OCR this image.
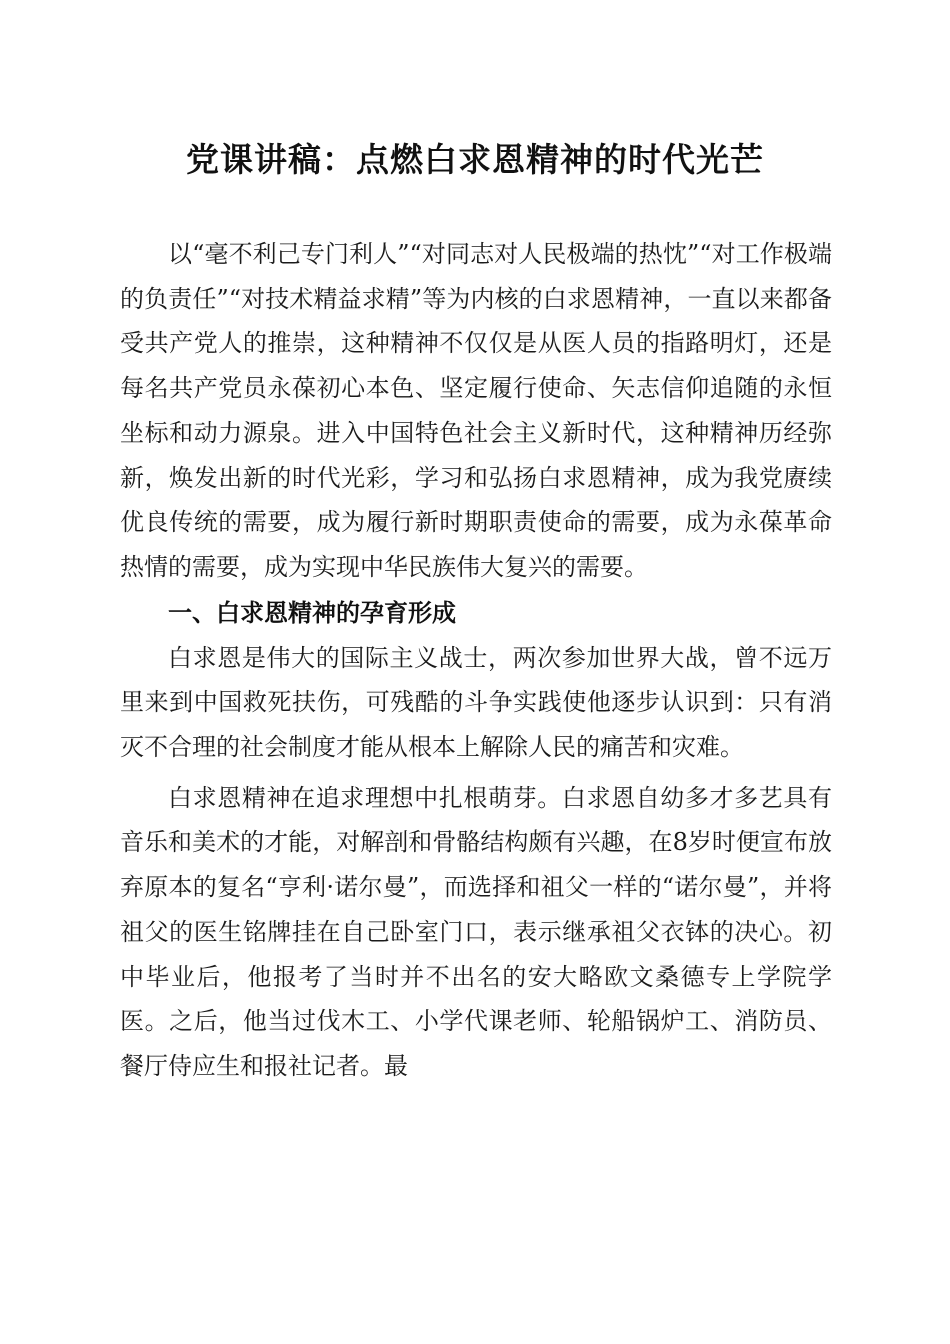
党课讲稿：点燃白求恩精神的时代光芒

以“毫不利己专门利人”“对同志对人民极端的热忱”“对工作极端的负责任”“对技术精益求精”等为内核的白求恩精神，一直以来都备受共产党人的推崇，这种精神不仅仅是从医人员的指路明灯，还是每名共产党员永葆初心本色、坚定履行使命、矢志信仰追随的永恒坐标和动力源泉。进入中国特色社会主义新时代，这种精神历经弥新，焕发出新的时代光彩，学习和弘扬白求恩精神，成为我党赓续优良传统的需要，成为履行新时期职责使命的需要，成为永葆革命热情的需要，成为实现中华民族伟大复兴的需要。

一、白求恩精神的孕育形成

白求恩是伟大的国际主义战士，两次参加世界大战，曾不远万里来到中国救死扶伤，可残酷的斗争实践使他逐步认识到：只有消灭不合理的社会制度才能从根本上解除人民的痛苦和灾难。

白求恩精神在追求理想中扎根萌芽。白求恩自幼多才多艺具有音乐和美术的才能，对解剖和骨骼结构颇有兴趣，在8岁时便宣布放弃原本的复名“亨利·诺尔曼”，而选择和祖父一样的“诺尔曼”，并将祖父的医生铭牌挂在自己卧室门口，表示继承祖父衣钵的决心。初中毕业后，他报考了当时并不出名的安大略欧文桑德专上学院学医。之后，他当过伐木工、小学代课老师、轮船锅炉工、消防员、餐厅侍应生和报社记者。最
